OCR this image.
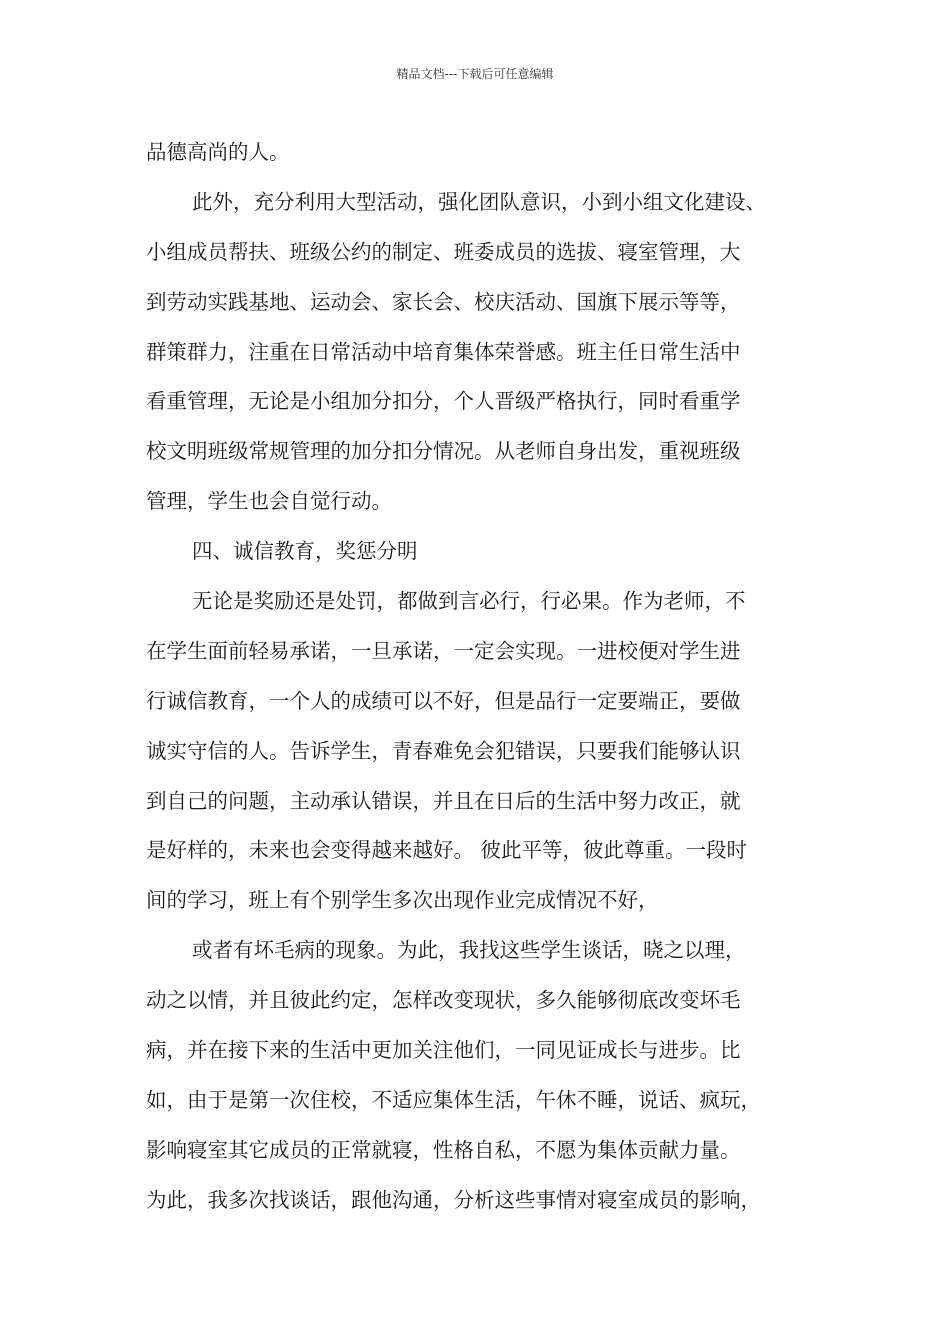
精品文档---下载后可任意编辑
品德高尚的人。
此外，充分利用大型活动，强化团队意识，小到小组文化建设、
小组成员帮扶、班级公约的制定、班委成员的选拔、寝室管理，大
到劳动实践基地、运动会、家长会、校庆活动、国旗下展示等等，
群策群力，注重在日常活动中培育集体荣誉感。班主任日常生活中
看重管理，无论是小组加分扣分，个人晋级严格执行，同时看重学
校文明班级常规管理的加分扣分情况。从老师自身出发，重视班级
管理，学生也会自觉行动。
四、诚信教育，奖惩分明
无论是奖励还是处罚，都做到言必行，行必果。作为老师，不
在学生面前轻易承诺，一旦承诺，一定会实现。一进校便对学生进
行诚信教育，一个人的成绩可以不好，但是品行一定要端正，要做
诚实守信的人。告诉学生，青春难免会犯错误，只要我们能够认识
到自己的问题，主动承认错误，并且在日后的生活中努力改正，就
是好样的，未来也会变得越来越好。 彼此平等，彼此尊重。一段时
间的学习，班上有个别学生多次出现作业完成情况不好，
或者有坏毛病的现象。为此，我找这些学生谈话，晓之以理，
动之以情，并且彼此约定，怎样改变现状，多久能够彻底改变坏毛
病，并在接下来的生活中更加关注他们，一同见证成长与进步。比
如，由于是第一次住校，不适应集体生活，午休不睡，说话、疯玩，
影响寝室其它成员的正常就寝，性格自私，不愿为集体贡献力量。
为此，我多次找谈话，跟他沟通，分析这些事情对寝室成员的影响，
